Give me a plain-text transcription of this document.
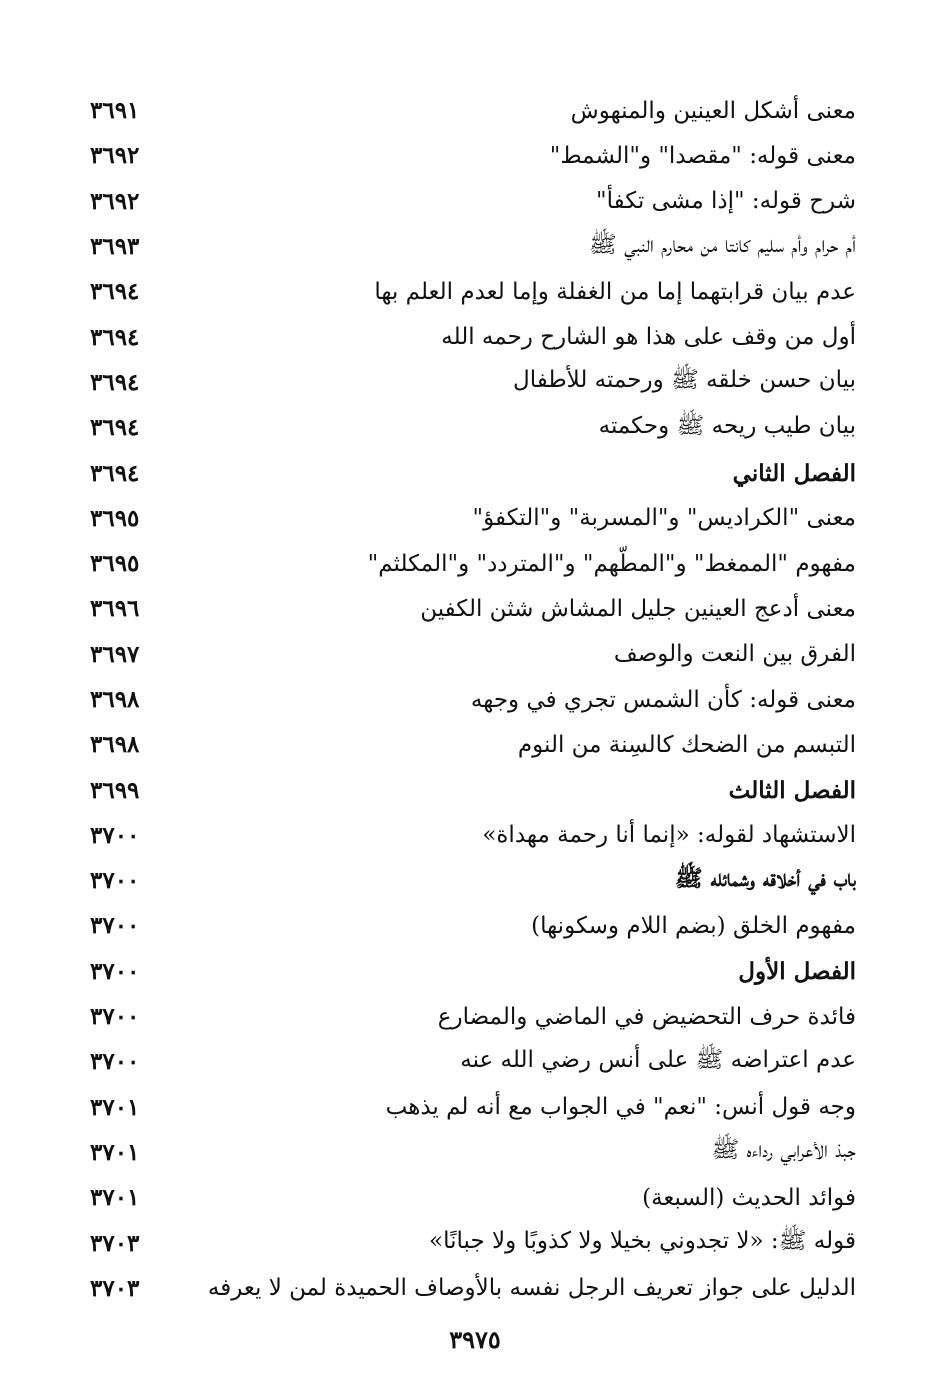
معنى أشكل العينين والمنهوش
٣٦٩١
معنى قوله: "مقصدا" و"الشمط"
٣٦٩٢
شرح قوله: "إذا مشى تكفأ"
٣٦٩٢
أم حرام وأم سليم كانتا من محارم النبي ﷺ
٣٦٩٣
عدم بيان قرابتهما إما من الغفلة وإما لعدم العلم بها
٣٦٩٤
أول من وقف على هذا هو الشارح رحمه الله
٣٦٩٤
بيان حسن خلقه ﷺ ورحمته للأطفال
٣٦٩٤
بيان طيب ريحه ﷺ وحكمته
٣٦٩٤
الفصل الثاني
٣٦٩٤
معنى "الكراديس" و"المسربة" و"التكفؤ"
٣٦٩٥
مفهوم "الممغط" و"المطّهم" و"المتردد" و"المكلثم"
٣٦٩٥
معنى أدعج العينين جليل المشاش شثن الكفين
٣٦٩٦
الفرق بين النعت والوصف
٣٦٩٧
معنى قوله: كأن الشمس تجري في وجهه
٣٦٩٨
التبسم من الضحك كالسِنة من النوم
٣٦٩٨
الفصل الثالث
٣٦٩٩
الاستشهاد لقوله: «إنما أنا رحمة مهداة»
٣٧٠٠
باب في أخلاقه وشمائله ﷺ
٣٧٠٠
مفهوم الخلق (بضم اللام وسكونها)
٣٧٠٠
الفصل الأول
٣٧٠٠
فائدة حرف التحضيض في الماضي والمضارع
٣٧٠٠
عدم اعتراضه ﷺ على أنس رضي الله عنه
٣٧٠٠
وجه قول أنس: "نعم" في الجواب مع أنه لم يذهب
٣٧٠١
جبذ الأعرابي رداءه ﷺ
٣٧٠١
فوائد الحديث (السبعة)
٣٧٠١
قوله ﷺ: «لا تجدوني بخيلا ولا كذوبًا ولا جبانًا»
٣٧٠٣
الدليل على جواز تعريف الرجل نفسه بالأوصاف الحميدة لمن لا يعرفه
٣٧٠٣
٣٩٧٥
